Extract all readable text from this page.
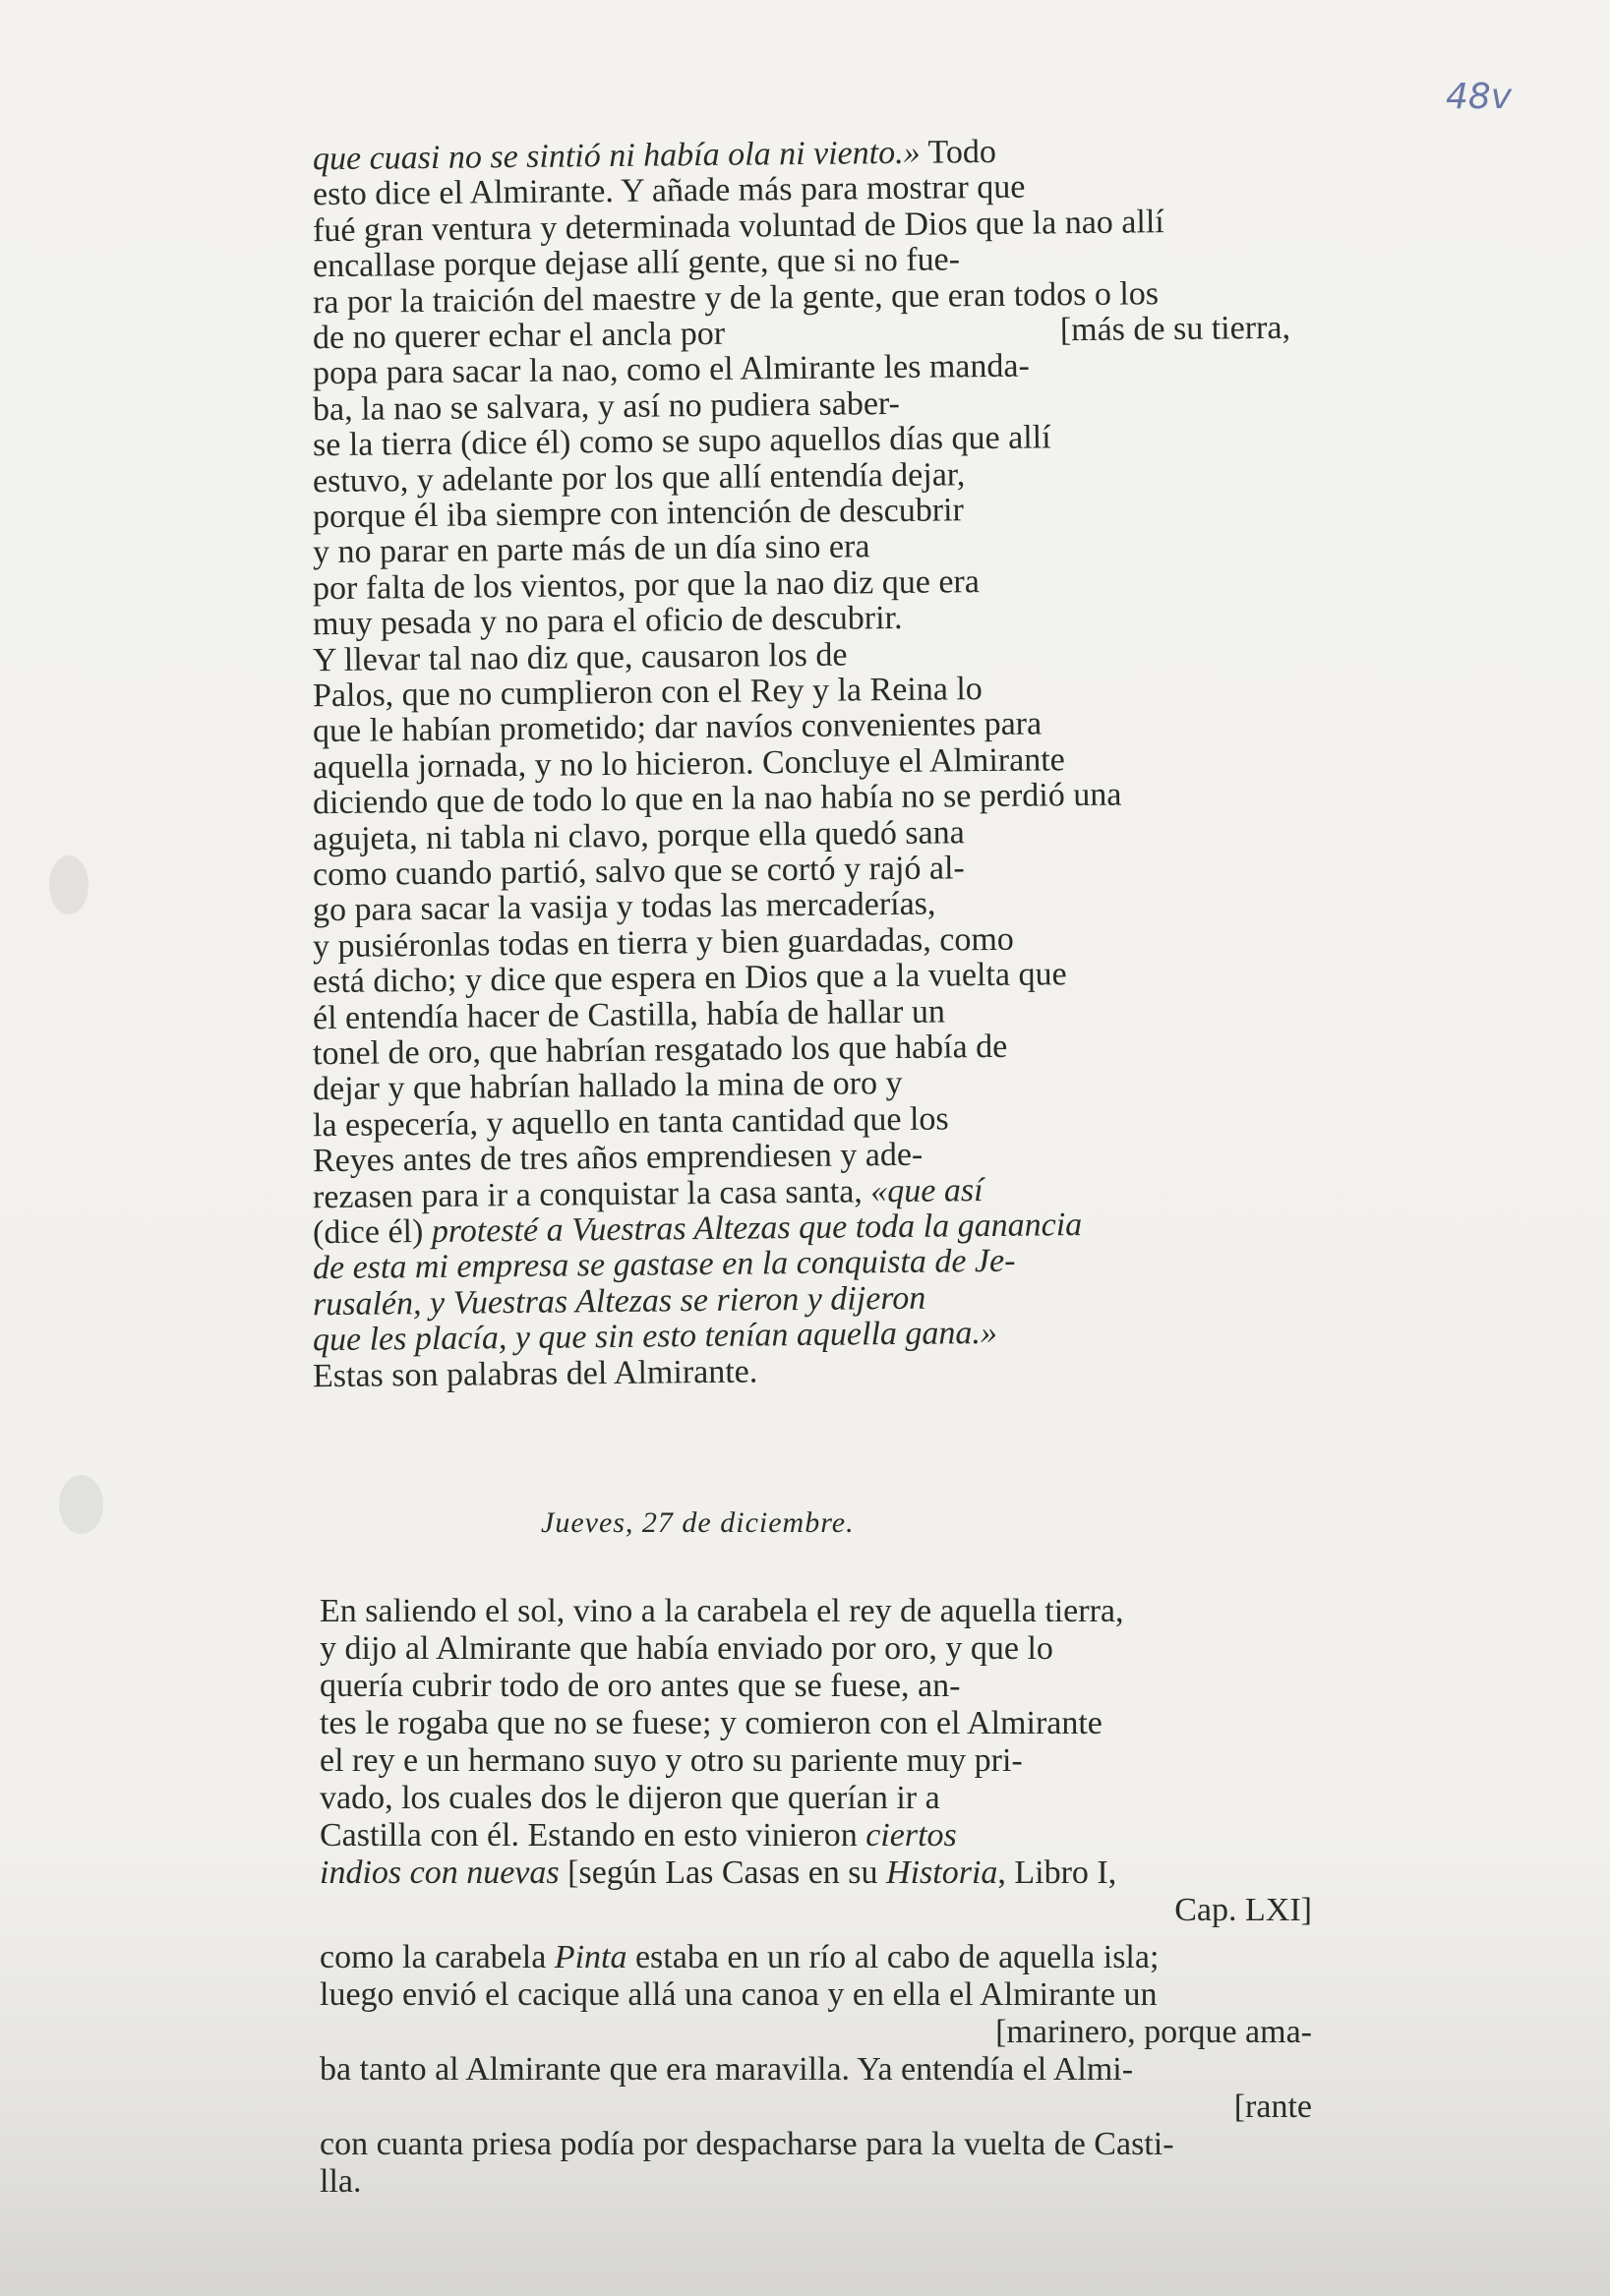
48v
que cuasi no se sintió ni había ola ni viento.» Todo
esto dice el Almirante. Y añade más para mostrar que
fué gran ventura y determinada voluntad de Dios que la nao allí
encallase porque dejase allí gente, que si no fue-
ra por la traición del maestre y de la gente, que eran todos o los
de no querer echar el ancla por	[más de su tierra,
popa para sacar la nao, como el Almirante les manda-
ba, la nao se salvara, y así no pudiera saber-
se la tierra (dice él) como se supo aquellos días que allí
estuvo, y adelante por los que allí entendía dejar,
porque él iba siempre con intención de descubrir
y no parar en parte más de un día sino era
por falta de los vientos, por que la nao diz que era
muy pesada y no para el oficio de descubrir.
Y llevar tal nao diz que, causaron los de
Palos, que no cumplieron con el Rey y la Reina lo
que le habían prometido; dar navíos convenientes para
aquella jornada, y no lo hicieron. Concluye el Almirante
diciendo que de todo lo que en la nao había no se perdió una
agujeta, ni tabla ni clavo, porque ella quedó sana
como cuando partió, salvo que se cortó y rajó al-
go para sacar la vasija y todas las mercaderías,
y pusiéronlas todas en tierra y bien guardadas, como
está dicho; y dice que espera en Dios que a la vuelta que
él entendía hacer de Castilla, había de hallar un
tonel de oro, que habrían resgatado los que había de
dejar y que habrían hallado la mina de oro y
la especería, y aquello en tanta cantidad que los
Reyes antes de tres años emprendiesen y ade-
rezasen para ir a conquistar la casa santa, «que así
(dice él) protesté a Vuestras Altezas que toda la ganancia
de esta mi empresa se gastase en la conquista de Je-
rusalén, y Vuestras Altezas se rieron y dijeron
que les placía, y que sin esto tenían aquella gana.»
Estas son palabras del Almirante.
Jueves, 27 de diciembre.
En saliendo el sol, vino a la carabela el rey de aquella tierra,
y dijo al Almirante que había enviado por oro, y que lo
quería cubrir todo de oro antes que se fuese, an-
tes le rogaba que no se fuese; y comieron con el Almirante
el rey e un hermano suyo y otro su pariente muy pri-
vado, los cuales dos le dijeron que querían ir a
Castilla con él. Estando en esto vinieron ciertos
indios con nuevas [según Las Casas en su Historia, Libro I,
Cap. LXI]
como la carabela Pinta estaba en un río al cabo de aquella isla;
luego envió el cacique allá una canoa y en ella el Almirante un
[marinero, porque ama-
ba tanto al Almirante que era maravilla. Ya entendía el Almi-
[rante
con cuanta priesa podía por despacharse para la vuelta de Casti-
lla.
